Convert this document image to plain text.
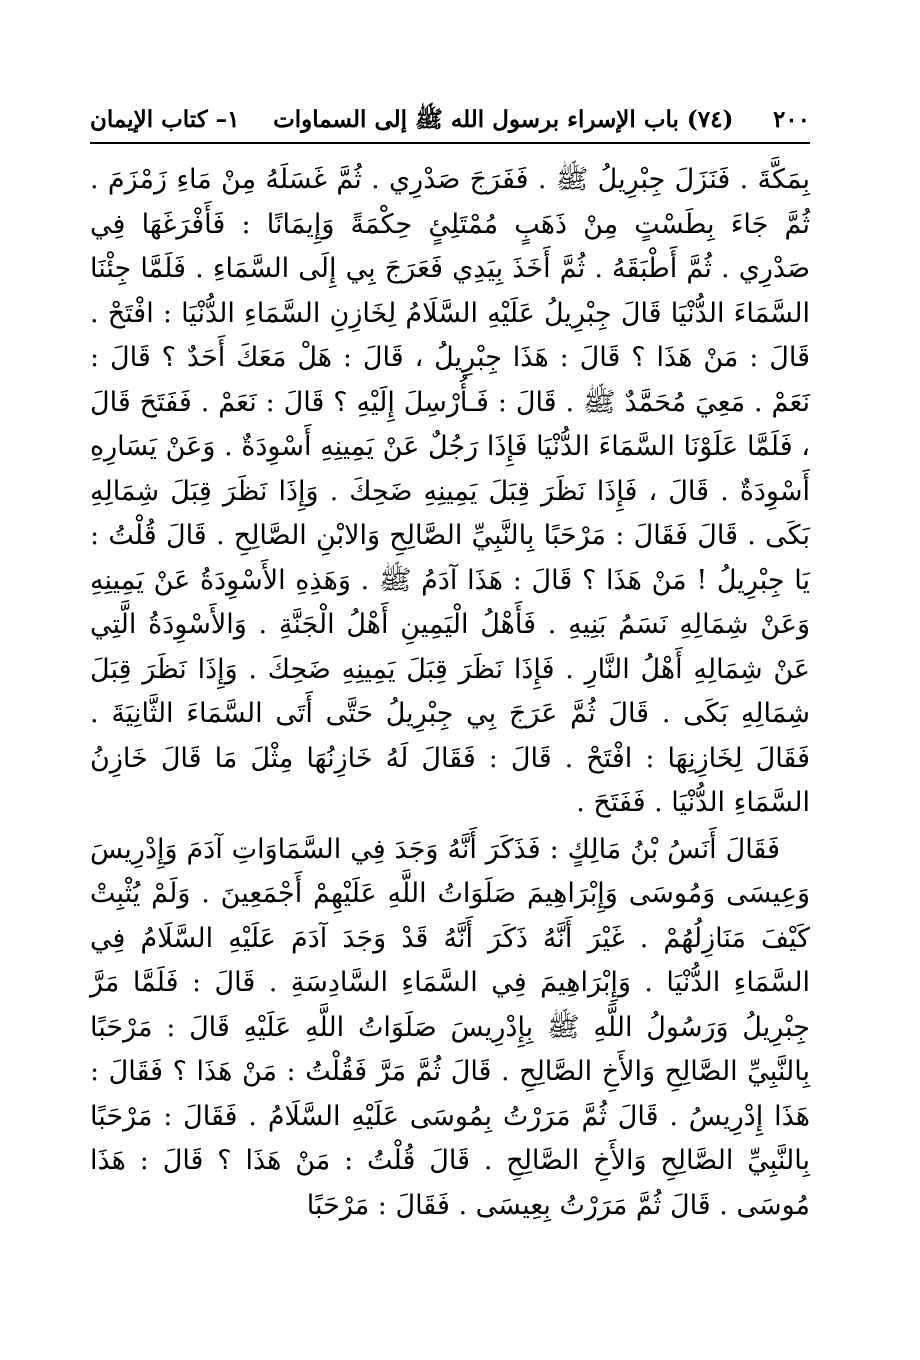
٢٠٠
(٧٤) باب الإسراء برسول الله ﷺ إلى السماوات
١– كتاب الإيمان

بِمَكَّةَ . فَنَزَلَ جِبْرِيلُ ﷺ . فَفَرَجَ صَدْرِي . ثُمَّ غَسَلَهُ مِنْ مَاءِ زَمْزَمَ . ثُمَّ جَاءَ بِطَسْتٍ مِنْ ذَهَبٍ مُمْتَلِئٍ حِكْمَةً وَإِيمَانًا : فَأَفْرَغَهَا فِي صَدْرِي . ثُمَّ أَطْبَقَهُ . ثُمَّ أَخَذَ بِيَدِي فَعَرَجَ بِي إِلَى السَّمَاءِ . فَلَمَّا جِئْنَا السَّمَاءَ الدُّنْيَا قَالَ جِبْرِيلُ عَلَيْهِ السَّلَامُ لِخَازِنِ السَّمَاءِ الدُّنْيَا : افْتَحْ . قَالَ : مَنْ هَذَا ؟ قَالَ : هَذَا جِبْرِيلُ ، قَالَ : هَلْ مَعَكَ أَحَدٌ ؟ قَالَ : نَعَمْ . مَعِيَ مُحَمَّدٌ ﷺ . قَالَ : فَـأُرْسِلَ إِلَيْهِ ؟ قَالَ : نَعَمْ . فَفَتَحَ قَالَ ، فَلَمَّا عَلَوْنَا السَّمَاءَ الدُّنْيَا فَإِذَا رَجُلٌ عَنْ يَمِينِهِ أَسْوِدَةٌ . وَعَنْ يَسَارِهِ أَسْوِدَةٌ . قَالَ ، فَإِذَا نَظَرَ قِبَلَ يَمِينِهِ ضَحِكَ . وَإِذَا نَظَرَ قِبَلَ شِمَالِهِ بَكَى . قَالَ فَقَالَ : مَرْحَبًا بِالنَّبِيِّ الصَّالِحِ وَالابْنِ الصَّالِحِ . قَالَ قُلْتُ : يَا جِبْرِيلُ ! مَنْ هَذَا ؟ قَالَ : هَذَا آدَمُ ﷺ . وَهَذِهِ الأَسْوِدَةُ عَنْ يَمِينِهِ وَعَنْ شِمَالِهِ نَسَمُ بَنِيهِ . فَأَهْلُ الْيَمِينِ أَهْلُ الْجَنَّةِ . وَالأَسْوِدَةُ الَّتِي عَنْ شِمَالِهِ أَهْلُ النَّارِ . فَإِذَا نَظَرَ قِبَلَ يَمِينِهِ ضَحِكَ . وَإِذَا نَظَرَ قِبَلَ شِمَالِهِ بَكَى . قَالَ ثُمَّ عَرَجَ بِي جِبْرِيلُ حَتَّى أَتَى السَّمَاءَ الثَّانِيَةَ . فَقَالَ لِخَازِنِهَا : افْتَحْ . قَالَ : فَقَالَ لَهُ خَازِنُهَا مِثْلَ مَا قَالَ خَازِنُ السَّمَاءِ الدُّنْيَا . فَفَتَحَ .

فَقَالَ أَنَسُ بْنُ مَالِكٍ : فَذَكَرَ أَنَّهُ وَجَدَ فِي السَّمَاوَاتِ آدَمَ وَإِدْرِيسَ وَعِيسَى وَمُوسَى وَإِبْرَاهِيمَ صَلَوَاتُ اللَّهِ عَلَيْهِمْ أَجْمَعِينَ . وَلَمْ يُثْبِتْ كَيْفَ مَنَازِلُهُمْ . غَيْرَ أَنَّهُ ذَكَرَ أَنَّهُ قَدْ وَجَدَ آدَمَ عَلَيْهِ السَّلَامُ فِي السَّمَاءِ الدُّنْيَا . وَإِبْرَاهِيمَ فِي السَّمَاءِ السَّادِسَةِ . قَالَ : فَلَمَّا مَرَّ جِبْرِيلُ وَرَسُولُ اللَّهِ ﷺ بِإِدْرِيسَ صَلَوَاتُ اللَّهِ عَلَيْهِ قَالَ : مَرْحَبًا بِالنَّبِيِّ الصَّالِحِ وَالأَخِ الصَّالِحِ . قَالَ ثُمَّ مَرَّ فَقُلْتُ : مَنْ هَذَا ؟ فَقَالَ : هَذَا إِدْرِيسُ . قَالَ ثُمَّ مَرَرْتُ بِمُوسَى عَلَيْهِ السَّلَامُ . فَقَالَ : مَرْحَبًا بِالنَّبِيِّ الصَّالِحِ وَالأَخِ الصَّالِحِ . قَالَ قُلْتُ : مَنْ هَذَا ؟ قَالَ : هَذَا مُوسَى . قَالَ ثُمَّ مَرَرْتُ بِعِيسَى . فَقَالَ : مَرْحَبًا
